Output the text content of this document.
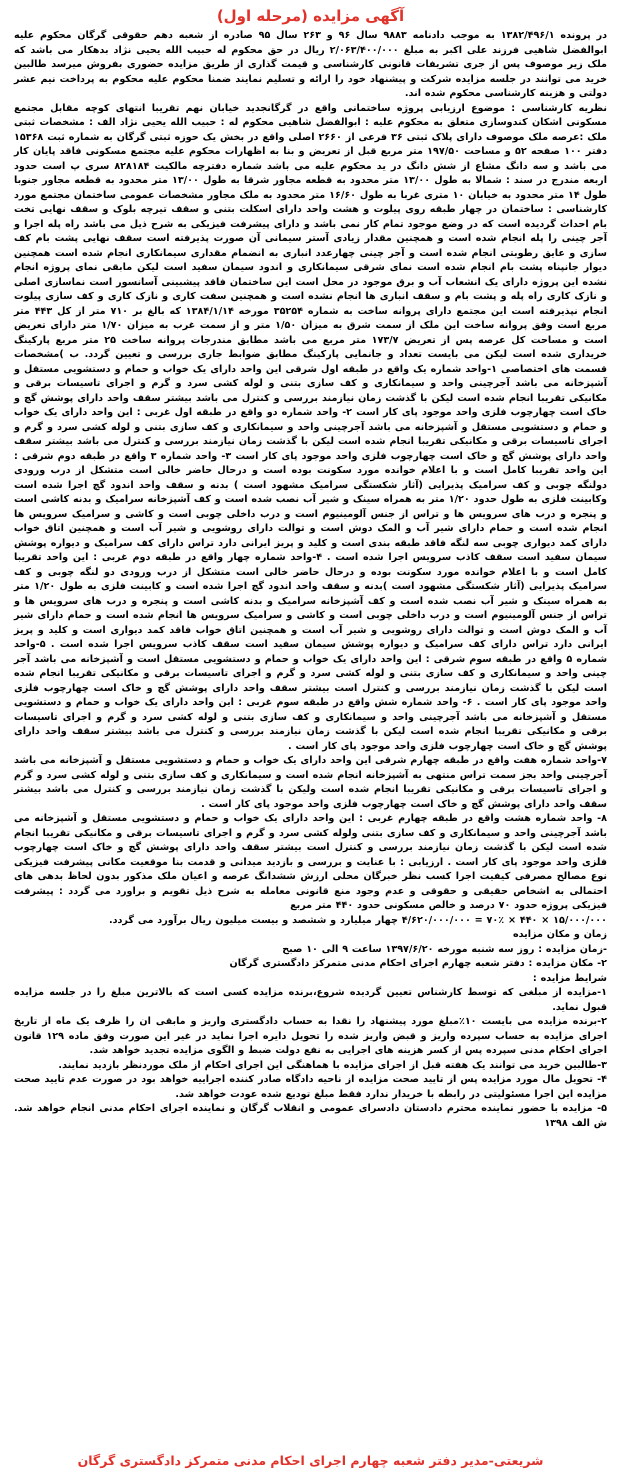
آگهی مزایده (مرحله اول)

در پرونده ۱۳۸۲/۴۹۶/۱ به موجب دادنامه ۹۸۸۳ سال ۹۶ و ۲۶۳ سال ۹۵ صادره از شعبه دهم حقوقی گرگان محکوم علیه ابوالفضل شاهیی فرزند علی اکبر به مبلغ ۲/۰۶۳/۴۰۰/۰۰۰ ریال در حق محکوم له حبیب الله یحیی نژاد بدهکار می باشد که ملک زیر موصوف پس از جری تشریفات قانونی کارشناسی و قیمت گذاری از طریق مزایده حضوری بفروش میرسد طالبین خرید می توانند در جلسه مزایده شرکت و پیشنهاد خود را ارائه و تسلیم نمایند ضمنا محکوم علیه محکوم به پرداخت نیم عشر دولتی و هزینه کارشناسی محکوم شده اند.

نظریه کارشناسی : موضوع ارزیابی پروژه ساختمانی واقع در گرگانجدید خیابان نهم تقریبا انتهای کوچه مقابل مجتمع مسکونی اشکان کندوسازی متعلق به محکوم علیه : ابوالفضل شاهیی محکوم له : حبیب الله یحیی نژاد الف : مشخصات ثبتی ملک :عرصه ملک موصوف دارای پلاک ثبتی ۳۶ فرعی از ۲۶۶۰ اصلی واقع در بخش یک حوزه ثبتی گرگان به شماره ثبت ۱۵۳۶۸ دفتر ۱۰۰ صفحه ۵۲ و مساحت ۱۹۷/۵۰ متر مربع قبل از تعریض و بنا به اظهارات محکوم علیه مجتمع مسکونی فاقد پایان کار می باشد و سه دانگ مشاع از شش دانگ در ید محکوم علیه می باشد شماره دفترچه مالکیت ۸۲۸۱۸۴ سری پ است حدود اربعه مندرج در سند : شمالا به طول ۱۳/۰۰ متر محدود به قطعه مجاور شرقا به طول ۱۳/۰۰ متر محدود به قطعه مجاور جنوبا طول ۱۴ متر محدود به خیابان ۱۰ متری غربا به طول ۱۶/۶۰ متر محدود به ملک مجاور مشخصات عمومی ساختمان مجتمع مورد کارشناسی : ساختمان در چهار طبقه روی پیلوت و هشت واحد دارای اسکلت بتنی و سقف تیرچه بلوک و سقف نهایی تخت بام احداث گردیده است که در وضع موجود تمام کار نمی باشد و دارای پیشرفت فیزیکی به شرح ذیل می باشد راه پله اجرا و آجر چینی را پله انجام شده است و همچنین مقدار زیادی آستر سیمانی آن صورت پذیرفته است سقف نهایی پشت بام کف سازی و عایق رطوبتی انجام شده است و آجر چینی چهارعدد انباری به انضمام مقداری سیمانکاری انجام شده است همچنین دیوار جانپناه پشت بام انجام شده است نمای شرقی سیمانکاری و اندود سیمان سفید است لیکن مابقی نمای پروژه انجام نشده این پروژه دارای یک انشعاب آب و برق موجود در محل است این ساختمان فاقد پیشبینی آسانسور است نماسازی اصلی و نازک کاری راه پله و پشت بام و سقف انباری ها انجام نشده است و همچنین سفت کاری و نازک کاری و کف سازی پیلوت انجام نپذیرفته است این مجتمع دارای پروانه ساخت به شماره ۳۵۲۵۴ مورخه ۱۳۸۴/۱/۱۴ که بالغ بر ۷۱۰ متر از کل ۴۴۳ متر مربع است وفق پروانه ساخت این ملک از سمت شرق به میزان ۱/۵۰ متر و از سمت غرب به میزان ۱/۷۰ متر دارای تعریض است و مساحت کل عرصه پس از تعریض ۱۷۳/۷ متر مربع می باشد مطابق مندرجات پروانه ساخت ۲۵ متر مربع پارکینگ خریداری شده است لیکن می بایست تعداد و جانمایی پارکینگ مطابق ضوابط جاری بررسی و تعیین گردد. ب )مشخصات قسمت های اختصاصی ۱-واحد شماره یک واقع در طبقه اول شرقی این واحد دارای یک خواب و حمام و دستشویی مستقل و آشپزخانه می باشد آجرچینی واحد و سیمانکاری و کف سازی بتنی و لوله کشی سرد و گرم و اجرای تاسیسات برقی و مکانیکی تقریبا انجام شده است لیکن با گذشت زمان نیازمند بررسی و کنترل می باشد بیشتر سقف واحد دارای پوشش گچ و خاک است چهارچوب فلزی واحد موجود پای کار است ۲- واحد شماره دو واقع در طبقه اول غربی : این واحد دارای یک خواب و حمام و دستشویی مستقل و آشپزخانه می باشد آجرچینی واحد و سیمانکاری و کف سازی بتنی و لوله کشی سرد و گرم و اجرای تاسیسات برقی و مکانیکی تقریبا انجام شده است لیکن با گذشت زمان نیازمند بررسی و کنترل می باشد بیشتر سقف واحد دارای پوشش گچ و خاک است چهارچوب فلزی واحد موجود پای کار است ۳- واحد شماره ۳ واقع در طبقه دوم شرقی : این واحد تقریبا کامل است و با اعلام خوانده مورد سکونت بوده است و درحال حاضر خالی است متشکل از درب ورودی دولنگه چوبی و کف سرامیک پذیرایی (آثار شکستگی سرامیک مشهود است ) بدنه و سقف واحد اندود گچ اجرا شده است وکابینت فلزی به طول حدود ۱/۲۰ متر به همراه سینک و شیر آب نصب شده است و کف آشپزخانه سرامیک و بدنه کاشی است و پنجره و درب های سرویس ها و تراس از جنس آلومینیوم است و درب داخلی چوبی است و کاشی و سرامیک سرویس ها انجام شده است و حمام دارای شیر آب و المک دوش است و توالت دارای روشویی و شیر آب است و همچنین اتاق خواب دارای کمد دیواری چوبی سه لنگه فاقد طبقه بندی است و کلید و پریز ایرانی دارد تراس دارای کف سرامیک و دیواره پوشش سیمان سفید است سقف کاذب سرویس اجرا شده است . ۴-واحد شماره چهار واقع در طبقه دوم غربی : این واحد تقریبا کامل است و با اعلام خوانده مورد سکونت بوده و درحال حاضر خالی است متشکل از درب ورودی دو لنگه چوبی و کف سرامیک پذیرایی (آثار شکستگی مشهود است )بدنه و سقف واحد اندود گچ اجرا شده است و کابینت فلزی به طول ۱/۲۰ متر به همراه سینک و شیر آب نصب شده است و کف آشپزخانه سرامیک و بدنه کاشی است و پنجره و درب های سرویس ها و تراس از جنس آلومینیوم است و درب داخلی چوبی است و کاشی و سرامیک سرویس ها انجام شده است و حمام دارای شیر آب و المک دوش است و توالت دارای روشویی و شیر آب است و همچنین اتاق خواب فاقد کمد دیواری است و کلید و پریز ایرانی دارد تراس دارای کف سرامیک و دیواره پوشش سیمان سفید است سقف کاذب سرویس اجرا شده است . ۵-واحد شماره ۵ واقع در طبقه سوم شرقی : این واحد دارای یک خواب و حمام و دستشویی مستقل است و آشپزخانه می باشد آجر چینی واحد و سیمانکاری و کف سازی بتنی و لوله کشی سرد و گرم و اجرای تاسیسات برقی و مکانیکی تقریبا انجام شده است لیکن با گذشت زمان نیازمند بررسی و کنترل است بیشتر سقف واحد دارای پوشش گچ و خاک است چهارچوب فلزی واحد موجود پای کار است . ۶- واحد شماره شش واقع در طبقه سوم غربی : این واحد دارای یک خواب و حمام و دستشویی مستقل و آشپزخانه می باشد آجرچینی واحد و سیمانکاری و کف سازی بتنی و لوله کشی سرد و گرم و اجرای تاسیسات برقی و مکانیکی تقریبا انجام شده است لیکن با گذشت زمان نیازمند بررسی و کنترل می باشد بیشتر سقف واحد دارای پوشش گچ و خاک است چهارچوب فلزی واحد موجود پای کار است .

۷-واحد شماره هفت واقع در طبقه چهارم شرقی این واحد دارای یک خواب و حمام و دستشویی مستقل و آشپزخانه می باشد آجرچینی واحد بجز سمت تراس منتهی به آشپزخانه انجام شده است و سیمانکاری و کف سازی بتنی و لوله کشی سرد و گرم و اجرای تاسیسات برقی و مکانیکی تقریبا انجام شده است ولیکن با گذشت زمان نیازمند بررسی و کنترل می باشد بیشتر سقف واحد دارای پوشش گچ و خاک است چهارچوب فلزی واحد موجود پای کار است .

۸- واحد شماره هشت واقع در طبقه چهارم غربی : این واحد دارای یک خواب و حمام و دستشویی مستقل و آشپزخانه می باشد آجرچینی واحد و سیمانکاری و کف سازی بتنی ولوله کشی سرد و گرم و اجرای تاسیسات برقی و مکانیکی تقریبا انجام شده است لیکن با گذشت زمان نیازمند بررسی و کنترل است بیشتر سقف واحد دارای پوشش گچ و خاک است چهارچوب فلزی واحد موجود پای کار است . ارزیابی : با عنایت و بررسی و بازدید میدانی و قدمت بنا موقعیت مکانی پیشرفت فیزیکی نوع مصالح مصرفی کیفیت اجرا کسب نظر خبرگان محلی ارزش ششدانگ عرصه و اعیان ملک مذکور بدون لحاظ بدهی های احتمالی به اشخاص حقیقی و حقوقی و عدم وجود منع قانونی معامله به شرح ذیل تقویم و براورد می گردد : پیشرفت فیزیکی پروژه حدود ۷۰ درصد و خالص مسکونی حدود ۴۴۰ متر مربع

۱۵/۰۰۰/۰۰۰ × ۴۴۰ × ۷۰٪ = ۴/۶۲۰/۰۰۰/۰۰۰ چهار میلیارد و ششصد و بیست میلیون ریال برآورد می گردد.

زمان و مکان مزایده

-زمان مزایده : روز سه شنبه مورخه ۱۳۹۷/۶/۲۰ ساعت ۹ الی ۱۰ صبح

۲- مکان مزایده : دفتر شعبه چهارم اجرای احکام مدنی متمرکز دادگستری گرگان

شرایط مزایده :

۱-مزایده از مبلغی که توسط کارشناس تعیین گردیده شروع،برنده مزایده کسی است که بالاترین مبلغ را در جلسه مزایده قبول نماید.

۲-برنده مزایده می بایست ۱۰٪مبلغ مورد پیشنهاد را نقدا به حساب دادگستری واریز و مابقی ان را ظرف یک ماه از تاریخ اجرای مزایده به حساب سپرده واریز و قبض واریز شده را تحویل دایره اجرا نماید در غیر این صورت وفق ماده ۱۲۹ قانون اجرای احکام مدنی سپرده پس از کسر هزینه های اجرایی به نفع دولت ضبط و الگوی مزایده تجدید خواهد شد.

۳-طالبین خرید می توانند یک هفته قبل از اجرای مزایده با هماهنگی این اجرای احکام از ملک موردنظر بازدید نمایند.

۴- تحویل مال مورد مزایده پس از تایید صحت مزایده از ناحیه دادگاه صادر کننده اجراییه خواهد بود در صورت عدم تایید صحت مزایده این اجرا مسئولیتی در رابطه با خریدار ندارد فقط مبلغ تودیع شده عودت خواهد شد.

۵- مزایده با حضور نماینده محترم دادستان دادسرای عمومی و انقلاب گرگان و نماینده اجرای احکام مدنی انجام خواهد شد. ش الف ۱۳۹۸

شریعتی-مدیر دفتر شعبه چهارم اجرای احکام مدنی متمرکز دادگستری گرگان
